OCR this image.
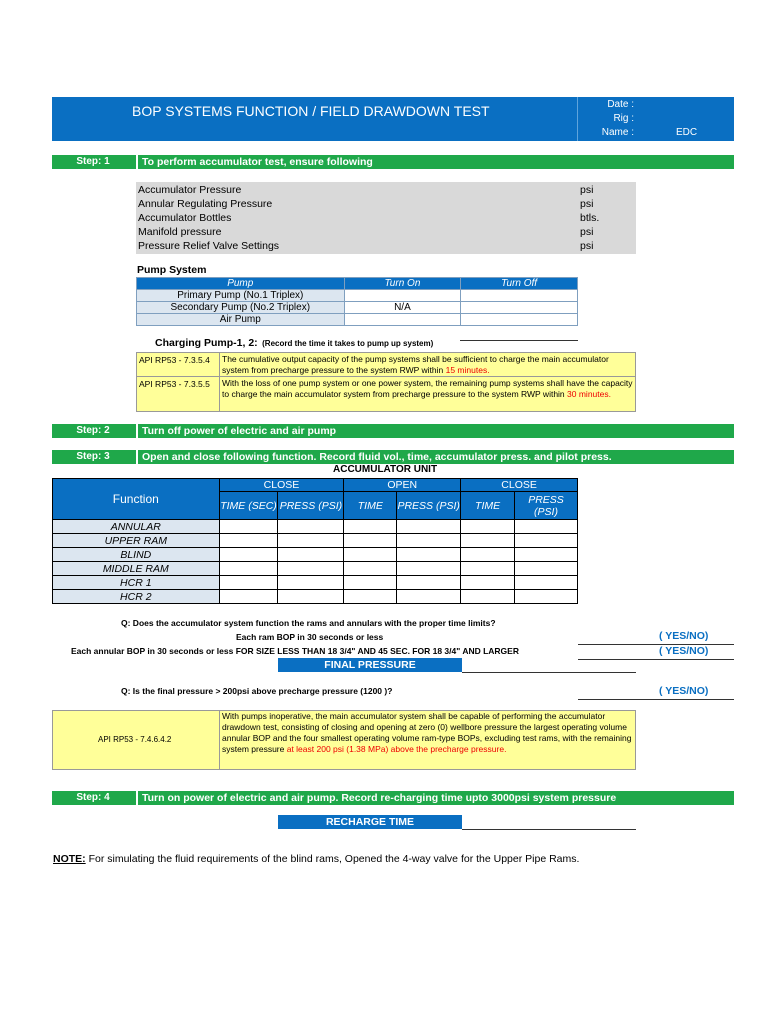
BOP SYSTEMS FUNCTION / FIELD DRAWDOWN TEST	Date :
Rig :
Name :	EDC
Step: 1	To perform accumulator test, ensure following
Accumulator Pressure	psi
Annular Regulating Pressure	psi
Accumulator Bottles	btls.
Manifold pressure	psi
Pressure Relief Valve Settings	psi
Pump System
Pump	Turn On	Turn Off
Primary Pump (No.1 Triplex)		
Secondary Pump (No.2 Triplex)	N/A	
Air Pump		
Charging Pump-1, 2: (Record the time it takes to pump up system)
API RP53 - 7.3.5.4 The cumulative output capacity of the pump systems shall be sufficient to charge the main accumulator system from precharge pressure to the system RWP within 15 minutes.
API RP53 - 7.3.5.5 With the loss of one pump system or one power system, the remaining pump systems shall have the capacity to charge the main accumulator system from precharge pressure to the system RWP within 30 minutes.
Step: 2	Turn off power of electric and air pump
Step: 3	Open and close following function. Record fluid vol., time, accumulator press. and pilot press.
ACCUMULATOR UNIT
Function	CLOSE		OPEN		CLOSE	
	TIME (SEC)	PRESS (PSI)	TIME	PRESS (PSI)	TIME	PRESS (PSI)
ANNULAR						
UPPER RAM						
BLIND						
MIDDLE RAM						
HCR 1						
HCR 2						
Q: Does the accumulator system function the rams and annulars with the proper time limits?
Each ram BOP in 30 seconds or less	( YES/NO)
Each annular BOP in 30 seconds or less FOR SIZE LESS THAN 18 3/4" AND 45 SEC. FOR 18 3/4" AND LARGER	( YES/NO)
FINAL PRESSURE
Q: Is the final pressure > 200psi above precharge pressure (1200 )?	( YES/NO)
API RP53 - 7.4.6.4.2
With pumps inoperative, the main accumulator system shall be capable of performing the accumulator drawdown test, consisting of closing and opening at zero (0) wellbore pressure the largest operating volume annular BOP and the four smallest operating volume ram-type BOPs, excluding test rams, with the remaining system pressure at least 200 psi (1.38 MPa) above the precharge pressure.
Step: 4	Turn on power of electric and air pump. Record re-charging time upto 3000psi system pressure
RECHARGE TIME
NOTE: For simulating the fluid requirements of the blind rams, Opened the 4-way valve for the Upper Pipe Rams.
